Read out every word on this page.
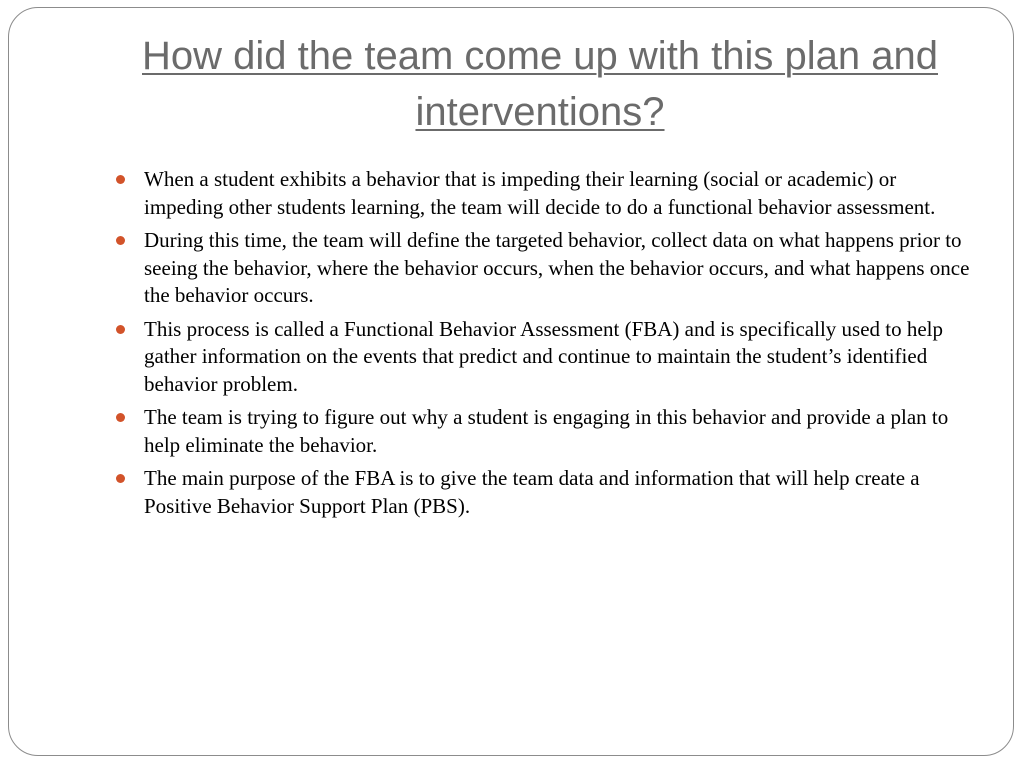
How did the team come up with this plan and interventions?
When a student exhibits a behavior that is impeding their learning (social or academic) or impeding other students learning, the team will decide to do a functional behavior assessment.
During this time, the team will define the targeted behavior, collect data on what happens prior to seeing the behavior, where the behavior occurs, when the behavior occurs, and what happens once the behavior occurs.
This process is called a Functional Behavior Assessment (FBA) and is specifically used to help gather information on the events that predict and continue to maintain the student’s identified behavior problem.
The team is trying to figure out why a student is engaging in this behavior and provide a plan to help eliminate the behavior.
The main purpose of the FBA is to give the team data and information that will help create a Positive Behavior Support Plan (PBS).
